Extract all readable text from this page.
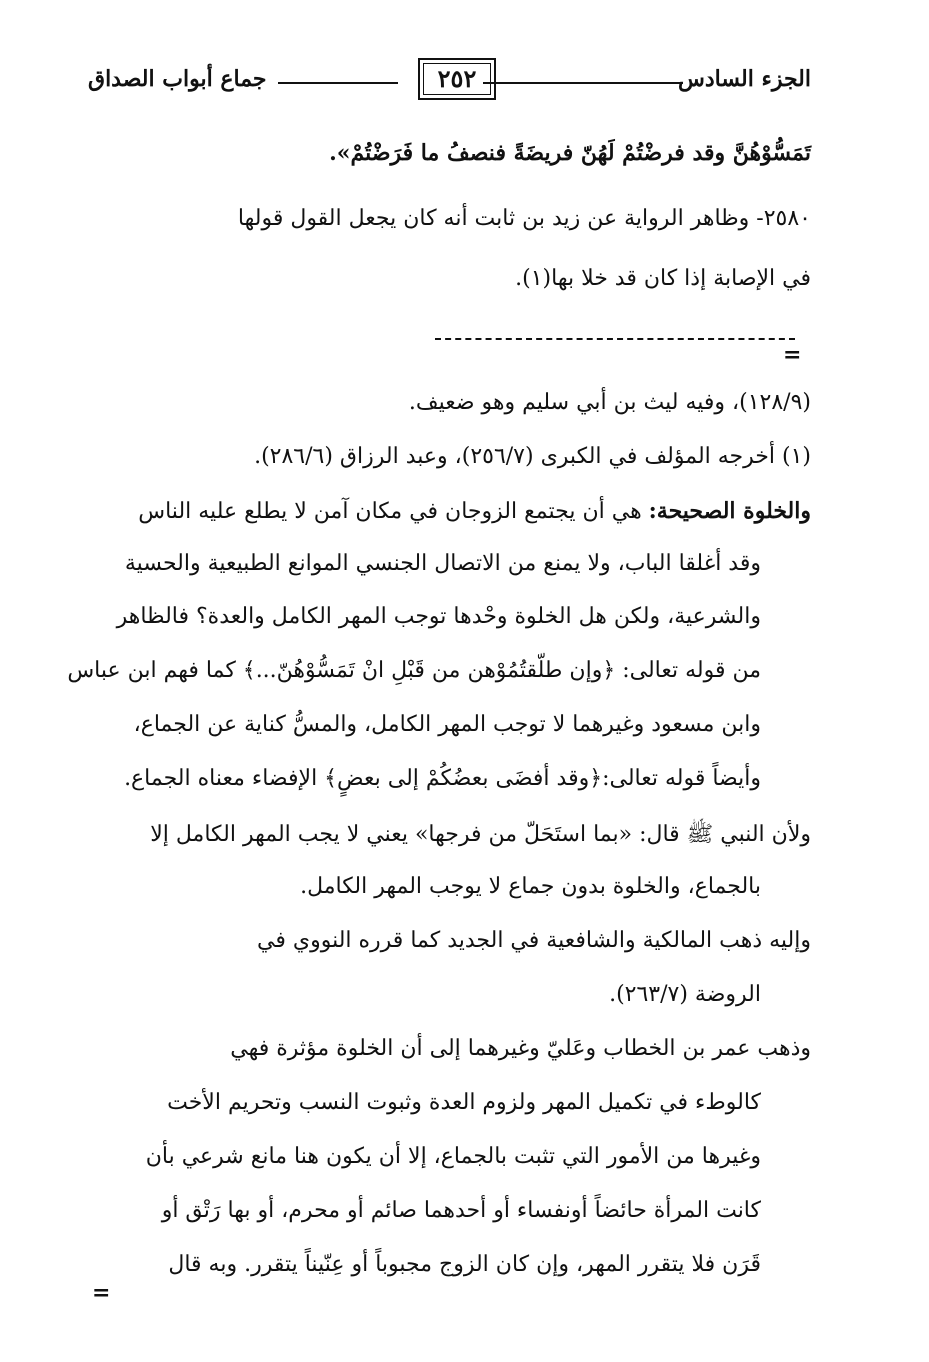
الجزء السادس
٢٥٢
جماع أبواب الصداق
تَمَسُّوْهُنَّ وقد فرضْتُمْ لَهُنّ فريضَةً فنصفُ ما فَرَضْتُمْ».
٢٥٨٠- وظاهر الرواية عن زيد بن ثابت أنه كان يجعل القول قولها
في الإصابة إذا كان قد خلا بها(١).
=
(١٢٨/٩)، وفيه ليث بن أبي سليم وهو ضعيف.
(١) أخرجه المؤلف في الكبرى (٢٥٦/٧)، وعبد الرزاق (٢٨٦/٦).
والخلوة الصحيحة: هي أن يجتمع الزوجان في مكان آمن لا يطلع عليه الناس
وقد أغلقا الباب، ولا يمنع من الاتصال الجنسي الموانع الطبيعية والحسية
والشرعية، ولكن هل الخلوة وحْدها توجب المهر الكامل والعدة؟ فالظاهر
من قوله تعالى: ﴿وإن طلّقتُمُوْهن من قَبْلِ انْ تَمَسُّوْهُنّ...﴾ كما فهم ابن عباس
وابن مسعود وغيرهما لا توجب المهر الكامل، والمسُّ كناية عن الجماع،
وأيضاً قوله تعالى:﴿وقد أفضَى بعضُكُمْ إلى بعضٍ﴾ الإفضاء معناه الجماع.
ولأن النبي ﷺ قال: «بما استَحَلّ من فرجها» يعني لا يجب المهر الكامل إلا
بالجماع، والخلوة بدون جماع لا يوجب المهر الكامل.
وإليه ذهب المالكية والشافعية في الجديد كما قرره النووي في
الروضة (٢٦٣/٧).
وذهب عمر بن الخطاب وعَليّ وغيرهما إلى أن الخلوة مؤثرة فهي
كالوطء في تكميل المهر ولزوم العدة وثبوت النسب وتحريم الأخت
وغيرها من الأمور التي تثبت بالجماع، إلا أن يكون هنا مانع شرعي بأن
كانت المرأة حائضاً أونفساء أو أحدهما صائم أو محرم، أو بها رَتْق أو
قَرَن فلا يتقرر المهر، وإن كان الزوج مجبوباً أو عِنّيناً يتقرر. وبه قال
=
